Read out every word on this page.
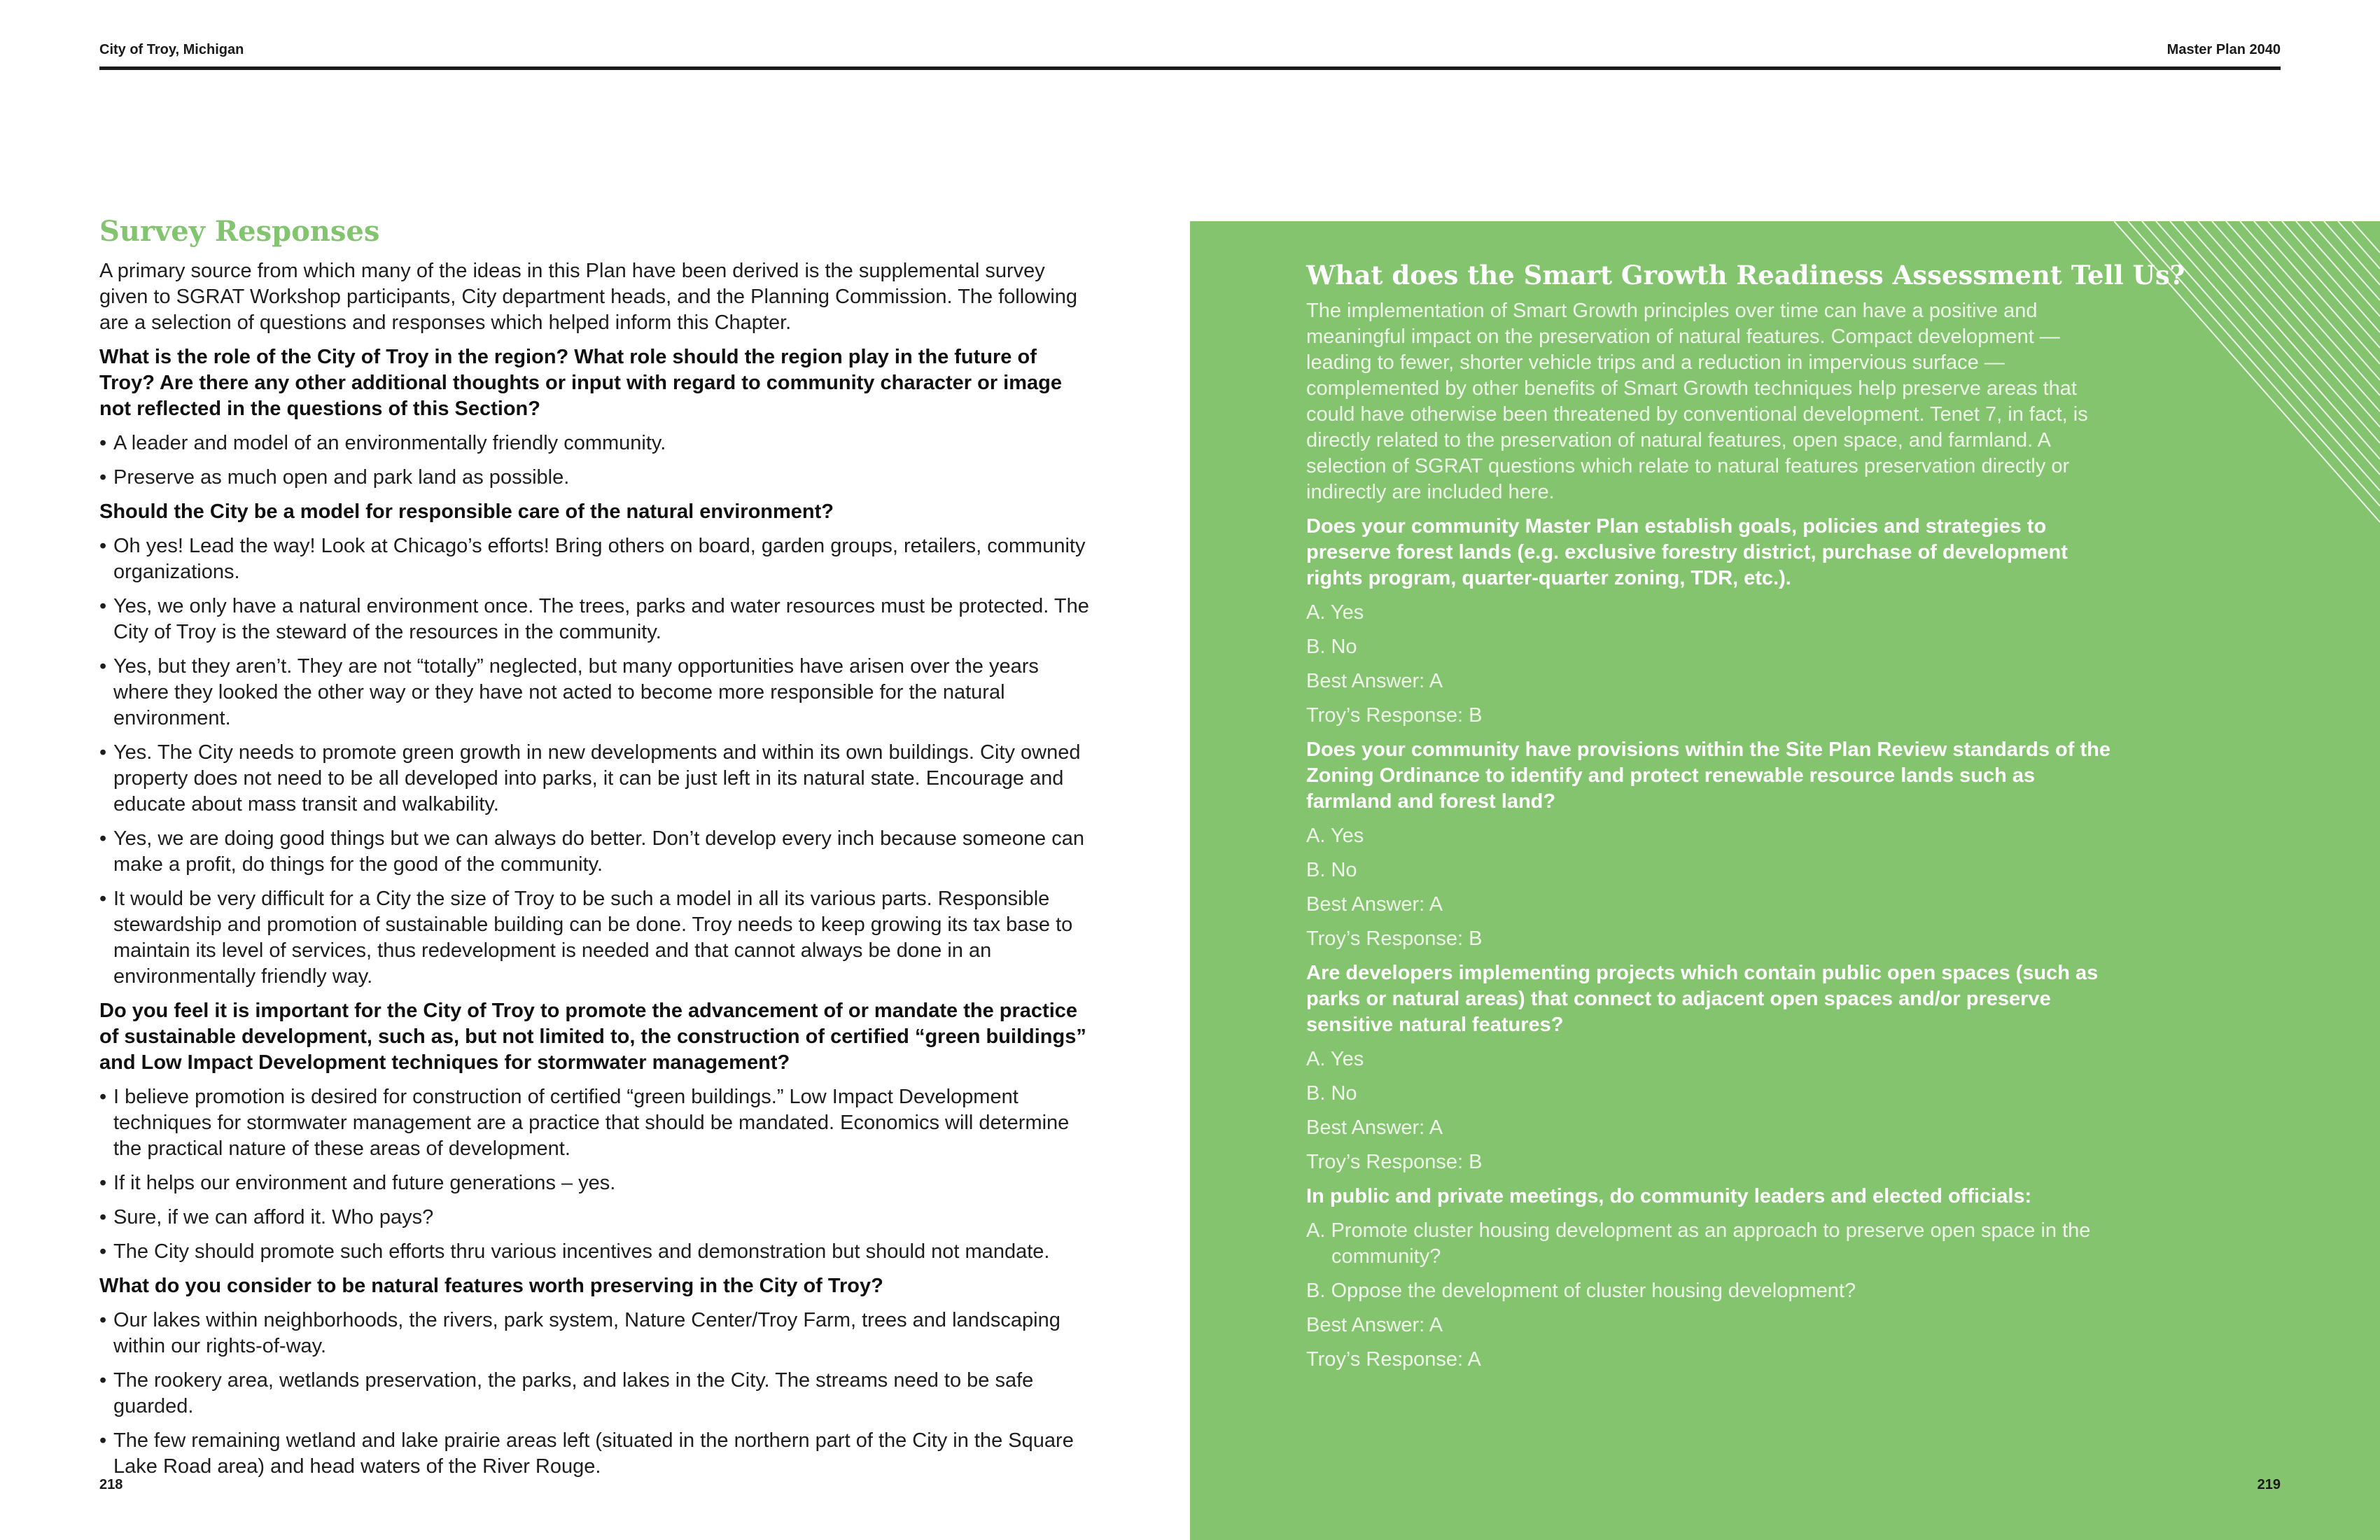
City of Troy, Michigan	Master Plan 2040
Survey Responses

A primary source from which many of the ideas in this Plan have been derived is the supplemental survey given to SGRAT Workshop participants, City department heads, and the Planning Commission. The following are a selection of questions and responses which helped inform this Chapter.

What is the role of the City of Troy in the region? What role should the region play in the future of Troy? Are there any other additional thoughts or input with regard to community character or image not reflected in the questions of this Section?

• A leader and model of an environmentally friendly community.

• Preserve as much open and park land as possible.

Should the City be a model for responsible care of the natural environment?

• Oh yes! Lead the way! Look at Chicago’s efforts! Bring others on board, garden groups, retailers, community organizations.

• Yes, we only have a natural environment once. The trees, parks and water resources must be protected. The City of Troy is the steward of the resources in the community.

• Yes, but they aren’t. They are not “totally” neglected, but many opportunities have arisen over the years where they looked the other way or they have not acted to become more responsible for the natural environment.

• Yes. The City needs to promote green growth in new developments and within its own buildings. City owned property does not need to be all developed into parks, it can be just left in its natural state. Encourage and educate about mass transit and walkability.

• Yes, we are doing good things but we can always do better. Don’t develop every inch because someone can make a profit, do things for the good of the community.

• It would be very difficult for a City the size of Troy to be such a model in all its various parts. Responsible stewardship and promotion of sustainable building can be done. Troy needs to keep growing its tax base to maintain its level of services, thus redevelopment is needed and that cannot always be done in an environmentally friendly way.

Do you feel it is important for the City of Troy to promote the advancement of or mandate the practice of sustainable development, such as, but not limited to, the construction of certified “green buildings” and Low Impact Development techniques for stormwater management?

• I believe promotion is desired for construction of certified “green buildings.” Low Impact Development techniques for stormwater management are a practice that should be mandated. Economics will determine the practical nature of these areas of development.

• If it helps our environment and future generations – yes.

• Sure, if we can afford it. Who pays?

• The City should promote such efforts thru various incentives and demonstration but should not mandate.

What do you consider to be natural features worth preserving in the City of Troy?

• Our lakes within neighborhoods, the rivers, park system, Nature Center/Troy Farm, trees and landscaping within our rights-of-way.

• The rookery area, wetlands preservation, the parks, and lakes in the City. The streams need to be safe guarded.

• The few remaining wetland and lake prairie areas left (situated in the northern part of the City in the Square Lake Road area) and head waters of the River Rouge.

218
What does the Smart Growth Readiness Assessment Tell Us?

The implementation of Smart Growth principles over time can have a positive and meaningful impact on the preservation of natural features. Compact development — leading to fewer, shorter vehicle trips and a reduction in impervious surface — complemented by other benefits of Smart Growth techniques help preserve areas that could have otherwise been threatened by conventional development. Tenet 7, in fact, is directly related to the preservation of natural features, open space, and farmland. A selection of SGRAT questions which relate to natural features preservation directly or indirectly are included here.

Does your community Master Plan establish goals, policies and strategies to preserve forest lands (e.g. exclusive forestry district, purchase of development rights program, quarter-quarter zoning, TDR, etc.).

A. Yes

B. No

Best Answer: A

Troy’s Response: B

Does your community have provisions within the Site Plan Review standards of the Zoning Ordinance to identify and protect renewable resource lands such as farmland and forest land?

A. Yes

B. No

Best Answer: A

Troy’s Response: B

Are developers implementing projects which contain public open spaces (such as parks or natural areas) that connect to adjacent open spaces and/or preserve sensitive natural features?

A. Yes

B. No

Best Answer: A

Troy’s Response: B

In public and private meetings, do community leaders and elected officials:

A. Promote cluster housing development as an approach to preserve open space in the community?

B. Oppose the development of cluster housing development?

Best Answer: A

Troy’s Response: A

219
